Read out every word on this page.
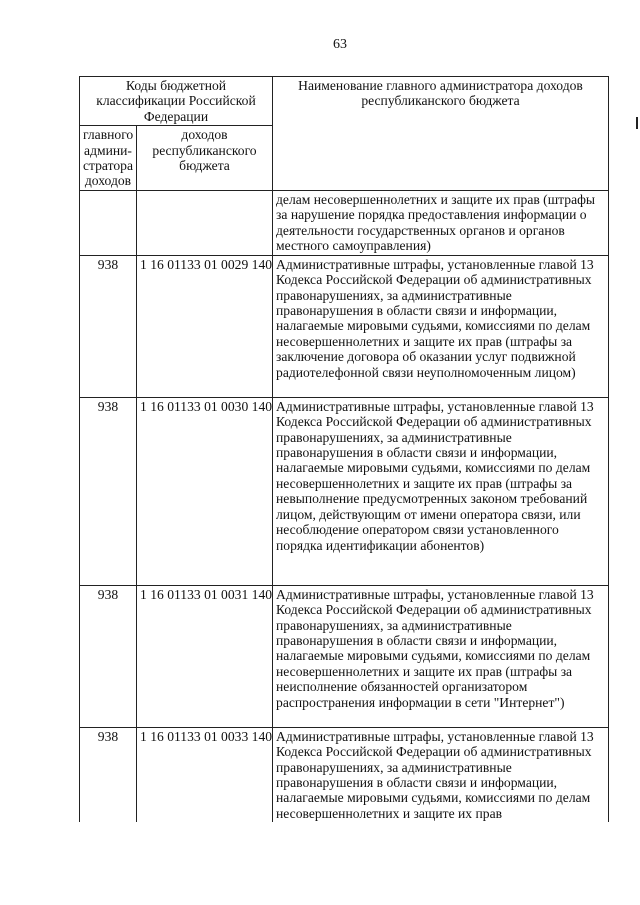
63
Коды бюджетной классификации Российской Федерации		Наименование главного администратора доходов республиканского бюджета
главного админи-стратора доходов	доходов республиканского бюджета	
		делам несовершеннолетних и защите их прав (штрафы за нарушение порядка предоставления информации о деятельности государственных органов и органов местного самоуправления)
938	1 16 01133 01 0029 140	Административные штрафы, установленные главой 13 Кодекса Российской Федерации об административных правонарушениях, за административные правонарушения в области связи и информации, налагаемые мировыми судьями, комиссиями по делам несовершеннолетних и защите их прав (штрафы за заключение договора об оказании услуг подвижной радиотелефонной связи неуполномоченным лицом)
938	1 16 01133 01 0030 140	Административные штрафы, установленные главой 13 Кодекса Российской Федерации об административных правонарушениях, за административные правонарушения в области связи и информации, налагаемые мировыми судьями, комиссиями по делам несовершеннолетних и защите их прав (штрафы за невыполнение предусмотренных законом требований лицом, действующим от имени оператора связи, или несоблюдение оператором связи установленного порядка идентификации абонентов)
938	1 16 01133 01 0031 140	Административные штрафы, установленные главой 13 Кодекса Российской Федерации об административных правонарушениях, за административные правонарушения в области связи и информации, налагаемые мировыми судьями, комиссиями по делам несовершеннолетних и защите их прав (штрафы за неисполнение обязанностей организатором распространения информации в сети "Интернет")
938	1 16 01133 01 0033 140	Административные штрафы, установленные главой 13 Кодекса Российской Федерации об административных правонарушениях, за административные правонарушения в области связи и информации, налагаемые мировыми судьями, комиссиями по делам несовершеннолетних и защите их прав
